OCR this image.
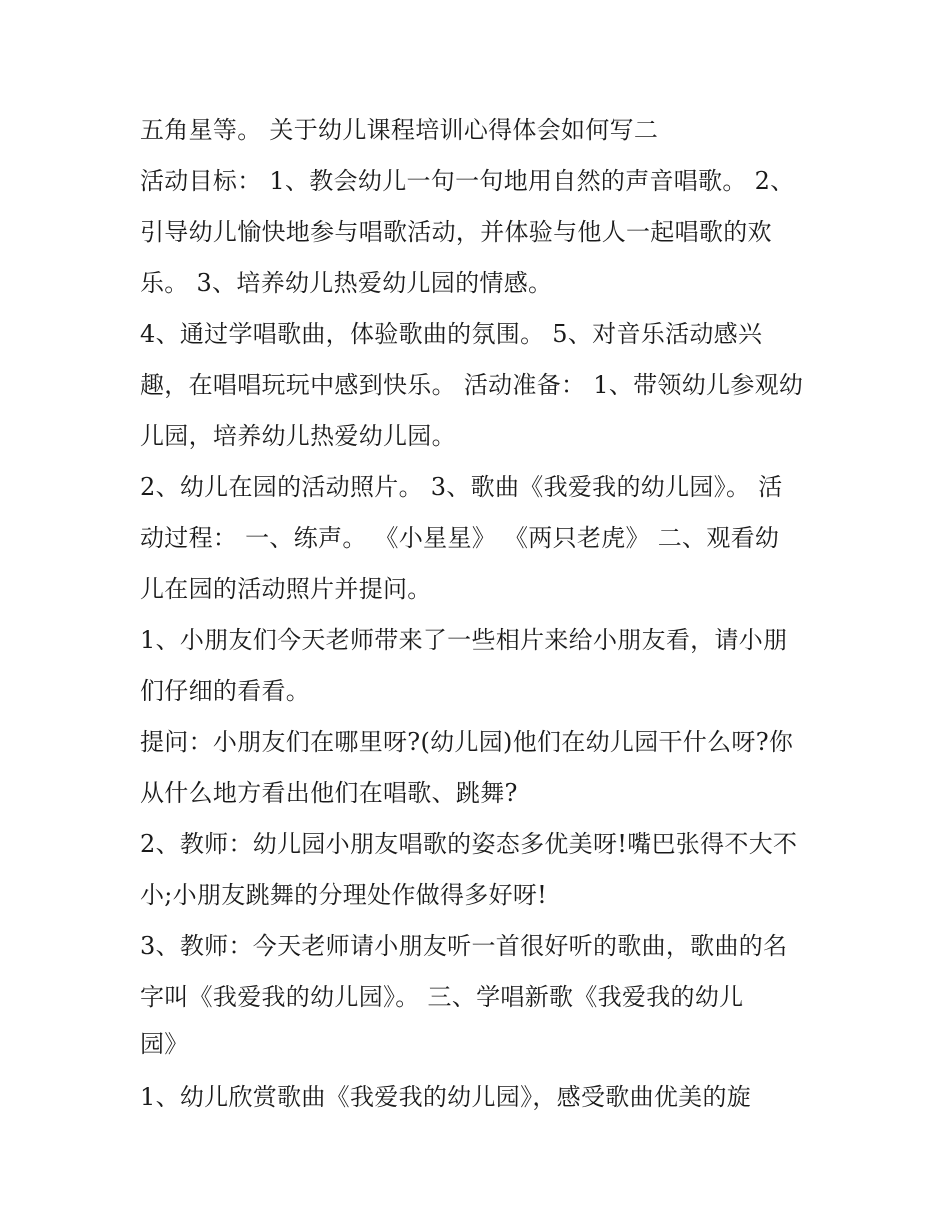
五角星等。 关于幼儿课程培训心得体会如何写二
活动目标： 1、教会幼儿一句一句地用自然的声音唱歌。 2、
引导幼儿愉快地参与唱歌活动，并体验与他人一起唱歌的欢
乐。 3、培养幼儿热爱幼儿园的情感。
4、通过学唱歌曲，体验歌曲的氛围。 5、对音乐活动感兴
趣，在唱唱玩玩中感到快乐。 活动准备： 1、带领幼儿参观幼
儿园，培养幼儿热爱幼儿园。
2、幼儿在园的活动照片。 3、歌曲《我爱我的幼儿园》。 活
动过程： 一、练声。 《小星星》 《两只老虎》 二、观看幼
儿在园的活动照片并提问。
1、小朋友们今天老师带来了一些相片来给小朋友看，请小朋
们仔细的看看。
提问：小朋友们在哪里呀?(幼儿园)他们在幼儿园干什么呀?你
从什么地方看出他们在唱歌、跳舞?
2、教师：幼儿园小朋友唱歌的姿态多优美呀!嘴巴张得不大不
小;小朋友跳舞的分理处作做得多好呀!
3、教师：今天老师请小朋友听一首很好听的歌曲，歌曲的名
字叫《我爱我的幼儿园》。 三、学唱新歌《我爱我的幼儿
园》
1、幼儿欣赏歌曲《我爱我的幼儿园》，感受歌曲优美的旋
